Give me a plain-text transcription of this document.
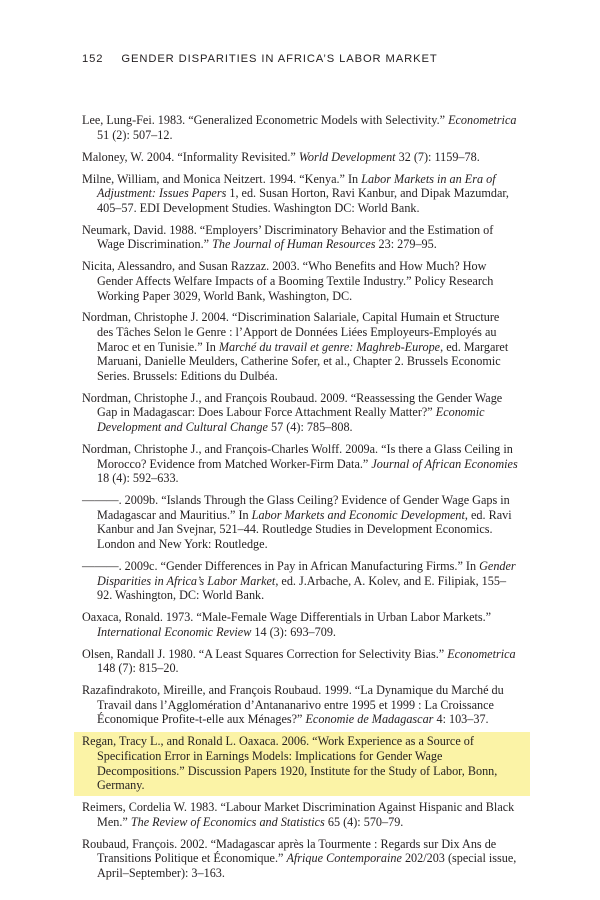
152 GENDER DISPARITIES IN AFRICA’S LABOR MARKET

Lee, Lung-Fei. 1983. “Generalized Econometric Models with Selectivity.” Econometrica 51 (2): 507–12.

Maloney, W. 2004. “Informality Revisited.” World Development 32 (7): 1159–78.

Milne, William, and Monica Neitzert. 1994. “Kenya.” In Labor Markets in an Era of Adjustment: Issues Papers 1, ed. Susan Horton, Ravi Kanbur, and Dipak Mazumdar, 405–57. EDI Development Studies. Washington DC: World Bank.

Neumark, David. 1988. “Employers’ Discriminatory Behavior and the Estimation of Wage Discrimination.” The Journal of Human Resources 23: 279–95.

Nicita, Alessandro, and Susan Razzaz. 2003. “Who Benefits and How Much? How Gender Affects Welfare Impacts of a Booming Textile Industry.” Policy Research Working Paper 3029, World Bank, Washington, DC.

Nordman, Christophe J. 2004. “Discrimination Salariale, Capital Humain et Structure des Tâches Selon le Genre : l’Apport de Données Liées Employeurs-Employés au Maroc et en Tunisie.” In Marché du travail et genre: Maghreb-Europe, ed. Margaret Maruani, Danielle Meulders, Catherine Sofer, et al., Chapter 2. Brussels Economic Series. Brussels: Editions du Dulbéa.

Nordman, Christophe J., and François Roubaud. 2009. “Reassessing the Gender Wage Gap in Madagascar: Does Labour Force Attachment Really Matter?” Economic Development and Cultural Change 57 (4): 785–808.

Nordman, Christophe J., and François-Charles Wolff. 2009a. “Is there a Glass Ceiling in Morocco? Evidence from Matched Worker-Firm Data.” Journal of African Economies 18 (4): 592–633.

———. 2009b. “Islands Through the Glass Ceiling? Evidence of Gender Wage Gaps in Madagascar and Mauritius.” In Labor Markets and Economic Development, ed. Ravi Kanbur and Jan Svejnar, 521–44. Routledge Studies in Development Economics. London and New York: Routledge.

———. 2009c. “Gender Differences in Pay in African Manufacturing Firms.” In Gender Disparities in Africa’s Labor Market, ed. J.Arbache, A. Kolev, and E. Filipiak, 155–92. Washington, DC: World Bank.

Oaxaca, Ronald. 1973. “Male-Female Wage Differentials in Urban Labor Markets.” International Economic Review 14 (3): 693–709.

Olsen, Randall J. 1980. “A Least Squares Correction for Selectivity Bias.” Econometrica 148 (7): 815–20.

Razafindrakoto, Mireille, and François Roubaud. 1999. “La Dynamique du Marché du Travail dans l’Agglomération d’Antananarivo entre 1995 et 1999 : La Croissance Économique Profite-t-elle aux Ménages?” Economie de Madagascar 4: 103–37.

Regan, Tracy L., and Ronald L. Oaxaca. 2006. “Work Experience as a Source of Specification Error in Earnings Models: Implications for Gender Wage Decompositions.” Discussion Papers 1920, Institute for the Study of Labor, Bonn, Germany.

Reimers, Cordelia W. 1983. “Labour Market Discrimination Against Hispanic and Black Men.” The Review of Economics and Statistics 65 (4): 570–79.

Roubaud, François. 2002. “Madagascar après la Tourmente : Regards sur Dix Ans de Transitions Politique et Économique.” Afrique Contemporaine 202/203 (special issue, April–September): 3–163.
